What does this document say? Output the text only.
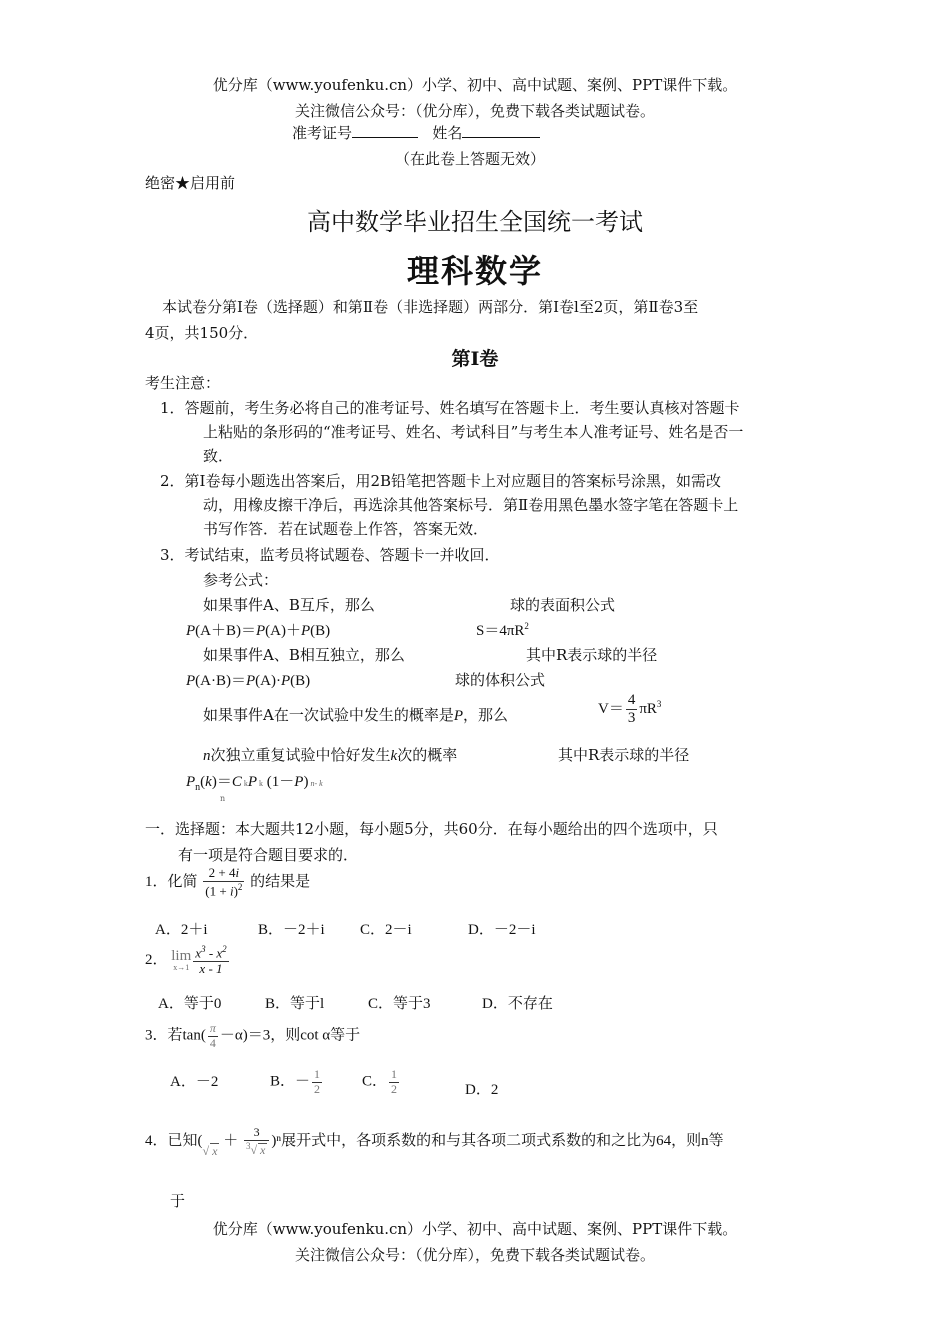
优分库（www.youfenku.cn）小学、初中、高中试题、案例、PPT课件下载。
关注微信公众号：（优分库），免费下载各类试题试卷。
准考证号	姓名
（在此卷上答题无效）
绝密★启用前
高中数学毕业招生全国统一考试
理科数学
本试卷分第Ⅰ卷（选择题）和第Ⅱ卷（非选择题）两部分．第Ⅰ卷l至2页，第Ⅱ卷3至
4页，共150分．
第Ⅰ卷
考生注意：
1．答题前，考生务必将自己的准考证号、姓名填写在答题卡上．考生要认真核对答题卡
上粘贴的条形码的“准考证号、姓名、考试科目”与考生本人准考证号、姓名是否一
致．
2．第Ⅰ卷每小题选出答案后，用2B铅笔把答题卡上对应题目的答案标号涂黑，如需改
动，用橡皮擦干净后，再选涂其他答案标号．第Ⅱ卷用黑色墨水签字笔在答题卡上
书写作答．若在试题卷上作答，答案无效．
3．考试结束，监考员将试题卷、答题卡一并收回．
参考公式：
如果事件A、B互斥，那么	球的表面积公式
P(A＋B)＝P(A)＋P(B)	$S=4\pi R^2$
如果事件A、B相互独立，那么	其中R表示球的半径
P(A·B)＝P(A)·P(B)	球的体积公式
如果事件A在一次试验中发生的概率是P，那么	$V= \frac{4}{3} \pi R^3$
n次独立重复试验中恰好发生k次的概率	其中R表示球的半径
$P_n(k)=C$ kP k (1－P) n- k
n
一．选择题：本大题共12小题，每小题5分，共60分．在每小题给出的四个选项中，只
有一项是符合题目要求的．
1．化简 $\frac{2 + 4i}{(1 + i)^2}$ 的结果是
A．2＋i	B．－2＋i C．2－i	D．－2－i
2． lim
$x\to 1 \frac{x^3 - x^2}{x - 1}$
A．等于0	B．等于l	C．等于3	D．不存在
3．若$\tan( \frac{\pi}{4} -\alpha)=3$，则cot α等于
A．－2	B．－ $\frac{1}{2}$	C． $\frac{1}{2}$	D．2
4．已知$(_{√ x} + \frac{3}{^3√ x} )^n$展开式中，各项系数的和与其各项二项式系数的和之比为64，则n等
于
优分库（www.youfenku.cn）小学、初中、高中试题、案例、PPT课件下载。
关注微信公众号：（优分库），免费下载各类试题试卷。
